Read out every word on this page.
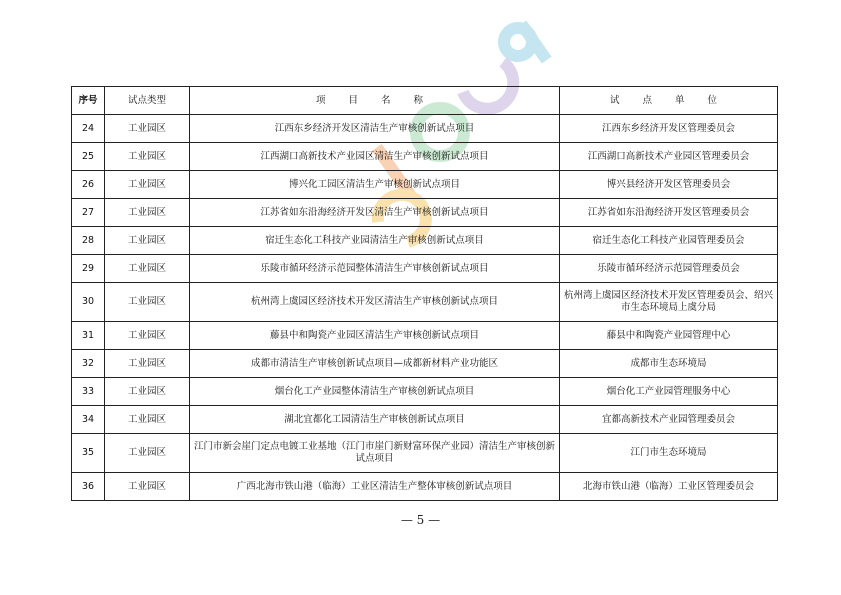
序号	试点类型	项 目 名 称	试 点 单 位
24	工业园区	江西东乡经济开发区清洁生产审核创新试点项目	江西东乡经济开发区管理委员会
25	工业园区	江西湖口高新技术产业园区清洁生产审核创新试点项目	江西湖口高新技术产业园区管理委员会
26	工业园区	博兴化工园区清洁生产审核创新试点项目	博兴县经济开发区管理委员会
27	工业园区	江苏省如东沿海经济开发区清洁生产审核创新试点项目	江苏省如东沿海经济开发区管理委员会
28	工业园区	宿迁生态化工科技产业园清洁生产审核创新试点项目	宿迁生态化工科技产业园管理委员会
29	工业园区	乐陵市循环经济示范园整体清洁生产审核创新试点项目	乐陵市循环经济示范园管理委员会
30	工业园区	杭州湾上虞园区经济技术开发区清洁生产审核创新试点项目	杭州湾上虞园区经济技术开发区管理委员会、绍兴市生态环境局上虞分局
31	工业园区	藤县中和陶瓷产业园区清洁生产审核创新试点项目	藤县中和陶瓷产业园管理中心
32	工业园区	成都市清洁生产审核创新试点项目—成都新材料产业功能区	成都市生态环境局
33	工业园区	烟台化工产业园整体清洁生产审核创新试点项目	烟台化工产业园管理服务中心
34	工业园区	湖北宜都化工园清洁生产审核创新试点项目	宜都高新技术产业园管理委员会
35	工业园区	江门市新会崖门定点电镀工业基地（江门市崖门新财富环保产业园）清洁生产审核创新试点项目	江门市生态环境局
36	工业园区	广西北海市铁山港（临海）工业区清洁生产整体审核创新试点项目	北海市铁山港（临海）工业区管理委员会
— 5 —
